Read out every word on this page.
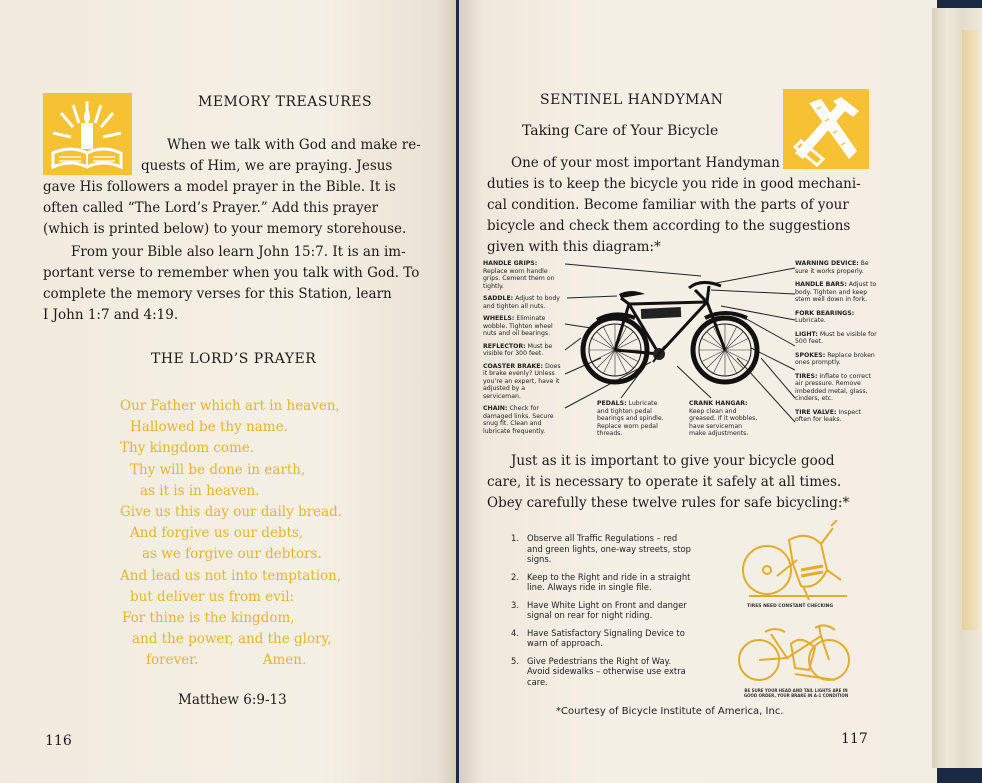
MEMORY TREASURES
When we talk with God and make re-
quests of Him, we are praying. Jesus
gave His followers a model prayer in the Bible. It is
often called “The Lord’s Prayer.” Add this prayer
(which is printed below) to your memory storehouse.
From your Bible also learn John 15:7. It is an im-
portant verse to remember when you talk with God. To
complete the memory verses for this Station, learn
I John 1:7 and 4:19.
THE LORD’S PRAYER
Our Father which art in heaven,
Hallowed be thy name.
Thy kingdom come.
Thy will be done in earth,
as it is in heaven.
Give us this day our daily bread.
And forgive us our debts,
as we forgive our debtors.
And lead us not into temptation,
but deliver us from evil:
For thine is the kingdom,
and the power, and the glory,
forever.	Amen.
Matthew 6:9-13
116
SENTINEL HANDYMAN
Taking Care of Your Bicycle
One of your most important Handyman
duties is to keep the bicycle you ride in good mechani-
cal condition. Become familiar with the parts of your
bicycle and check them according to the suggestions
given with this diagram:*
HANDLE GRIPS: Replace worn handle grips. Cement them on tightly.
SADDLE: Adjust to body and tighten all nuts.
WHEELS: Eliminate wobble. Tighten wheel nuts and oil bearings.
REFLECTOR: Must be visible for 300 feet.
COASTER BRAKE: Does it brake evenly? Unless you’re an expert, have it adjusted by a serviceman.
CHAIN: Check for damaged links. Secure snug fit. Clean and lubricate frequently.
PEDALS: Lubricate and tighten pedal bearings and spindle. Replace worn pedal threads.
CRANK HANGAR: Keep clean and greased. If it wobbles, have serviceman make adjustments.
WARNING DEVICE: Be sure it works properly.
HANDLE BARS: Adjust to body. Tighten and keep stem well down in fork.
FORK BEARINGS: Lubricate.
LIGHT: Must be visible for 500 feet.
SPOKES: Replace broken ones promptly.
TIRES: Inflate to correct air pressure. Remove imbedded metal, glass, cinders, etc.
TIRE VALVE: Inspect often for leaks.
Just as it is important to give your bicycle good
care, it is necessary to operate it safely at all times.
Obey carefully these twelve rules for safe bicycling:*
1. Observe all Traffic Regulations – red
and green lights, one-way streets, stop
signs.
2. Keep to the Right and ride in a straight
line. Always ride in single file.
3. Have White Light on Front and danger
signal on rear for night riding.
4. Have Satisfactory Signaling Device to
warn of approach.
5. Give Pedestrians the Right of Way.
Avoid sidewalks – otherwise use extra
care.
TIRES NEED CONSTANT CHECKING
BE SURE YOUR HEAD AND TAIL LIGHTS ARE IN GOOD ORDER, YOUR BRAKE IN A-1 CONDITION
*Courtesy of Bicycle Institute of America, Inc.
117
